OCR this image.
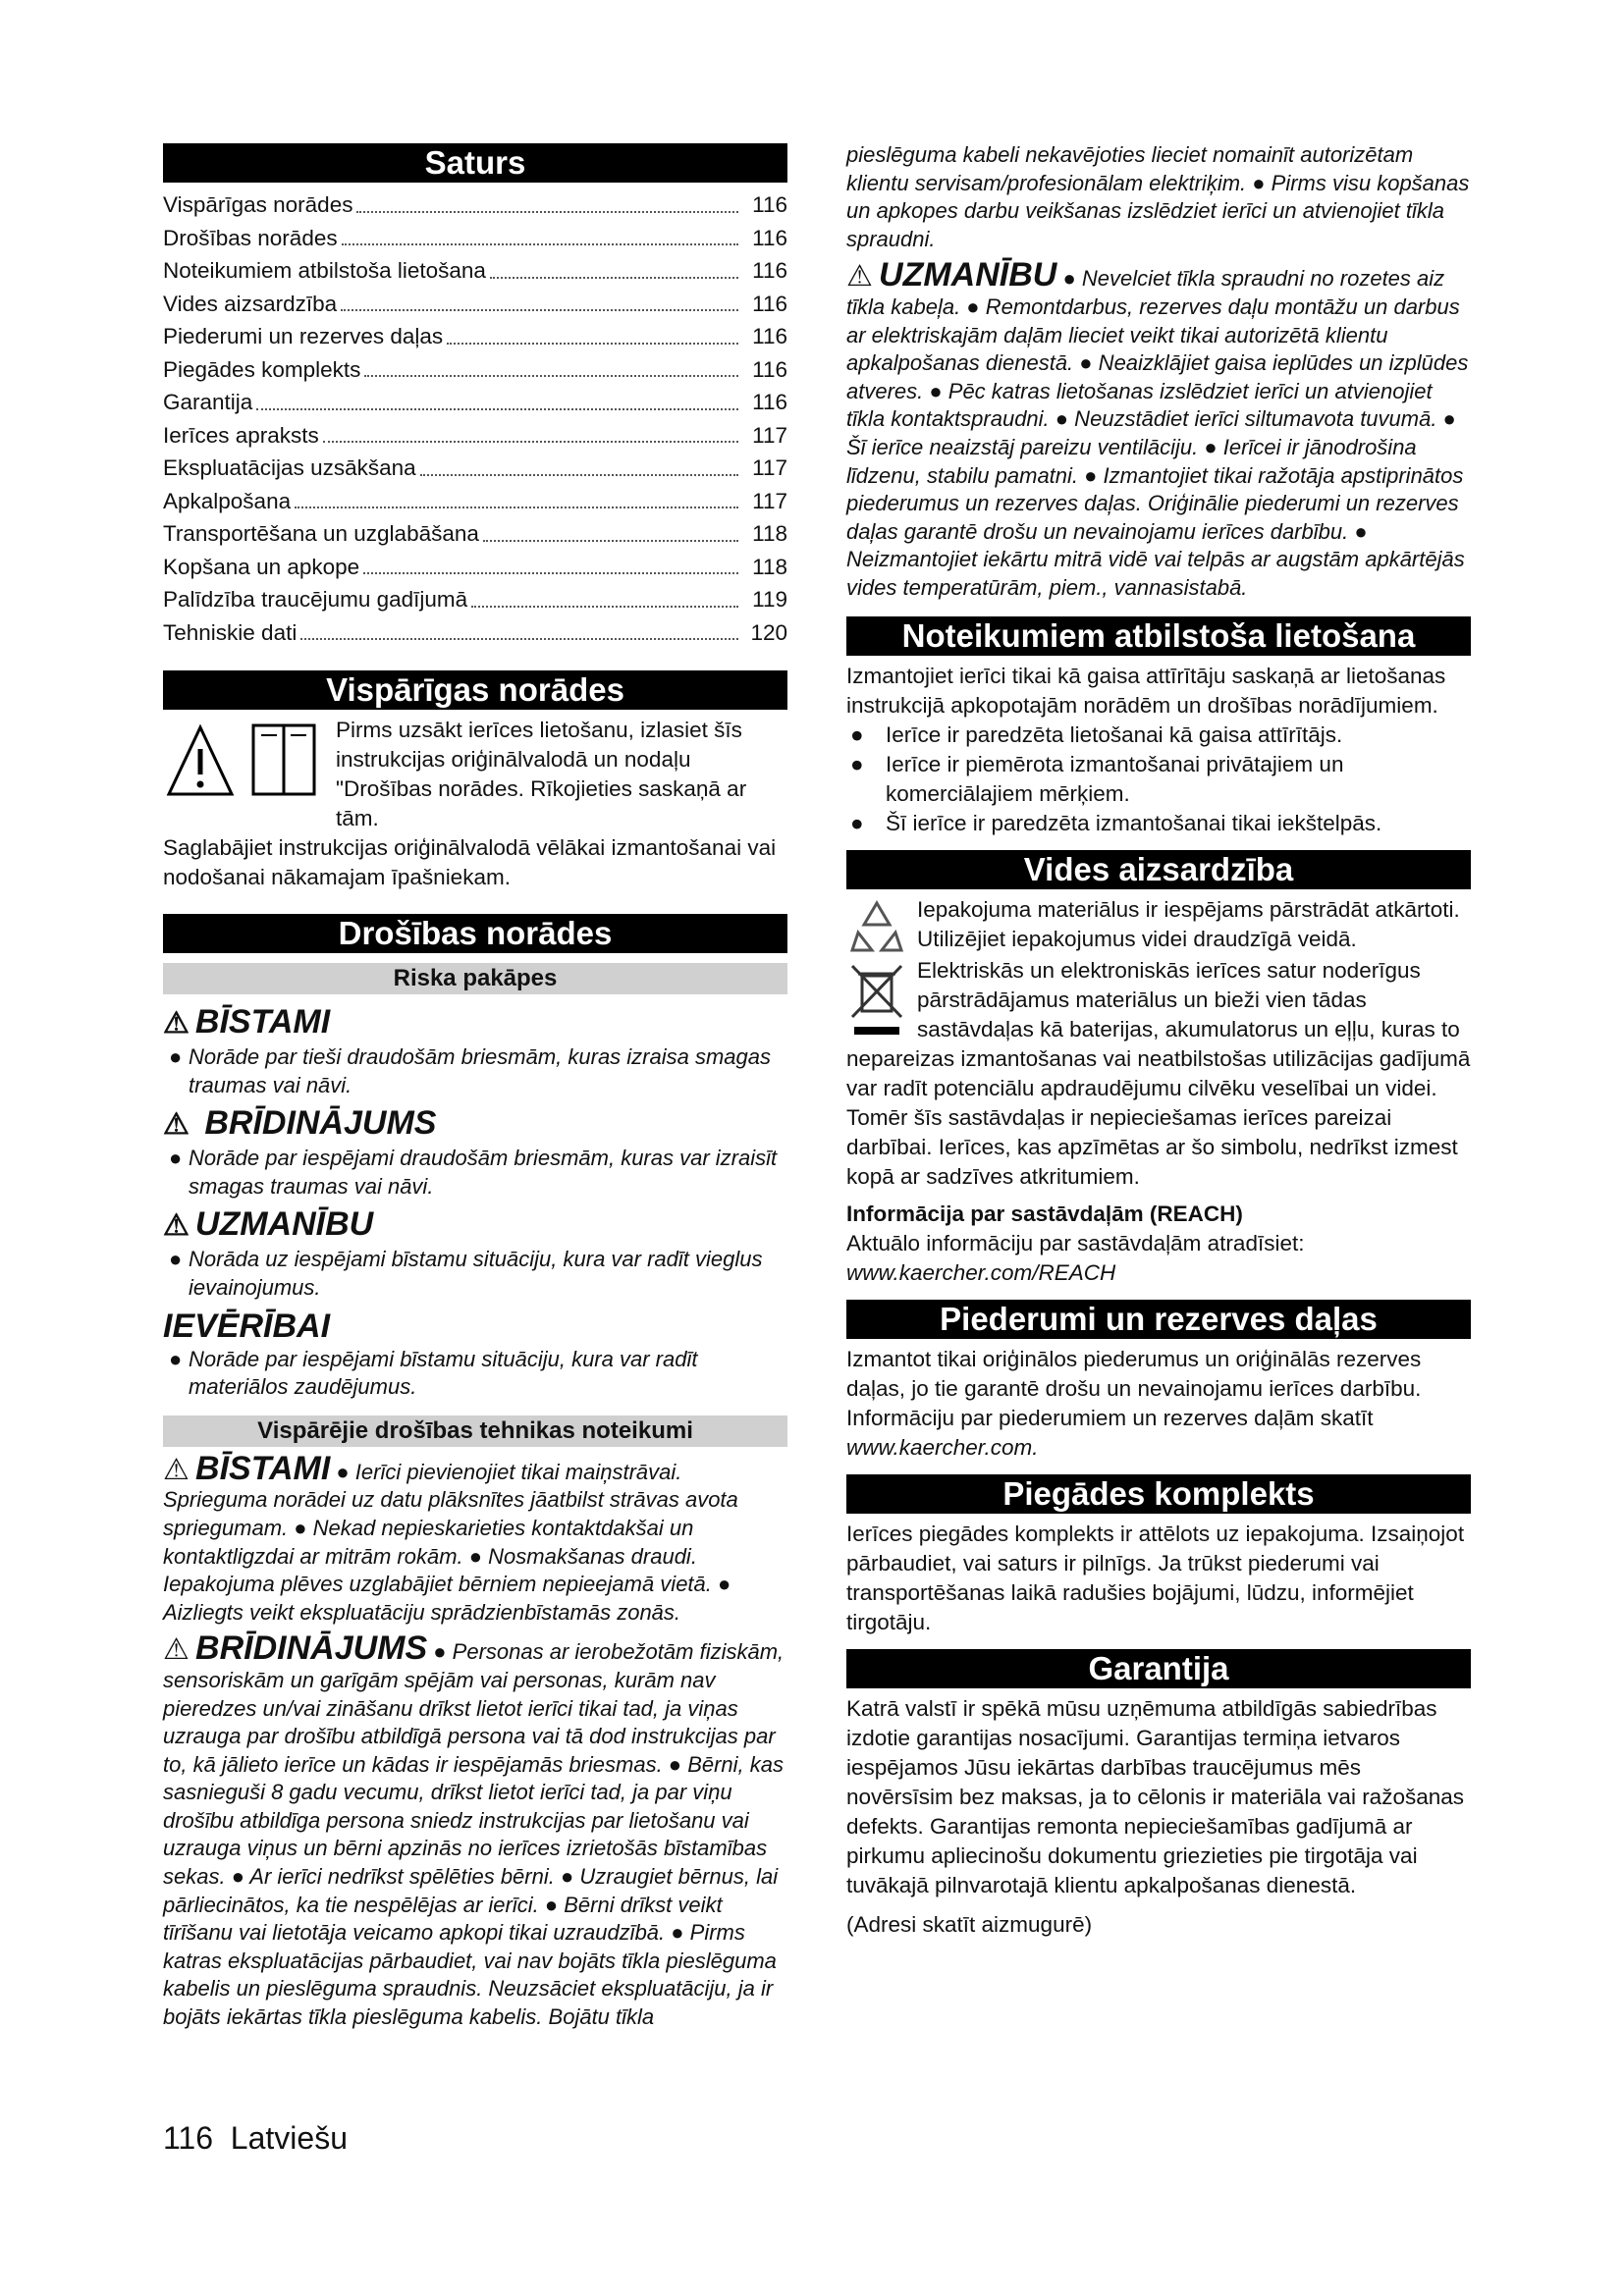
Saturs
Vispārīgas norādes	116
Drošības norādes	116
Noteikumiem atbilstoša lietošana	116
Vides aizsardzība	116
Piederumi un rezerves daļas	116
Piegādes komplekts	116
Garantija	116
Ierīces apraksts	117
Ekspluatācijas uzsākšana	117
Apkalpošana	117
Transportēšana un uzglabāšana	118
Kopšana un apkope	118
Palīdzība traucējumu gadījumā	119
Tehniskie dati	120
Vispārīgas norādes

Pirms uzsākt ierīces lietošanu, izlasiet šīs instrukcijas oriģinālvalodā un nodaļu "Drošības norādes. Rīkojieties saskaņā ar tām.

Saglabājiet instrukcijas oriģinālvalodā vēlākai izmantošanai vai nodošanai nākamajam īpašniekam.

Drošības norādes
Riska pakāpes
⚠ BĪSTAMI
● Norāde par tieši draudošām briesmām, kuras izraisa smagas traumas vai nāvi.
⚠ BRĪDINĀJUMS
● Norāde par iespējami draudošām briesmām, kuras var izraisīt smagas traumas vai nāvi.
⚠ UZMANĪBU
● Norāda uz iespējami bīstamu situāciju, kura var radīt vieglus ievainojumus.
IEVĒRĪBAI
● Norāde par iespējami bīstamu situāciju, kura var radīt materiālos zaudējumus.
Vispārējie drošības tehnikas noteikumi

⚠ BĪSTAMI ● Ierīci pievienojiet tikai maiņstrāvai. Sprieguma norādei uz datu plāksnītes jāatbilst strāvas avota spriegumam. ● Nekad nepieskarieties kontaktdakšai un kontaktligzdai ar mitrām rokām. ● Nosmakšanas draudi. Iepakojuma plēves uzglabājiet bērniem nepieejamā vietā. ● Aizliegts veikt ekspluatāciju sprādzienbīstamās zonās.

⚠ BRĪDINĀJUMS ● Personas ar ierobežotām fiziskām, sensoriskām un garīgām spējām vai personas, kurām nav pieredzes un/vai zināšanu drīkst lietot ierīci tikai tad, ja viņas uzrauga par drošību atbildīgā persona vai tā dod instrukcijas par to, kā jālieto ierīce un kādas ir iespējamās briesmas. ● Bērni, kas sasnieguši 8 gadu vecumu, drīkst lietot ierīci tad, ja par viņu drošību atbildīga persona sniedz instrukcijas par lietošanu vai uzrauga viņus un bērni apzinās no ierīces izrietošās bīstamības sekas. ● Ar ierīci nedrīkst spēlēties bērni. ● Uzraugiet bērnus, lai pārliecinātos, ka tie nespēlējas ar ierīci. ● Bērni drīkst veikt tīrīšanu vai lietotāja veicamo apkopi tikai uzraudzībā. ● Pirms katras ekspluatācijas pārbaudiet, vai nav bojāts tīkla pieslēguma kabelis un pieslēguma spraudnis. Neuzsāciet ekspluatāciju, ja ir bojāts iekārtas tīkla pieslēguma kabelis. Bojātu tīkla

pieslēguma kabeli nekavējoties lieciet nomainīt autorizētam klientu servisam/profesionālam elektriķim. ● Pirms visu kopšanas un apkopes darbu veikšanas izslēdziet ierīci un atvienojiet tīkla spraudni.

⚠ UZMANĪBU ● Nevelciet tīkla spraudni no rozetes aiz tīkla kabeļa. ● Remontdarbus, rezerves daļu montāžu un darbus ar elektriskajām daļām lieciet veikt tikai autorizētā klientu apkalpošanas dienestā. ● Neaizklājiet gaisa ieplūdes un izplūdes atveres. ● Pēc katras lietošanas izslēdziet ierīci un atvienojiet tīkla kontaktspraudni. ● Neuzstādiet ierīci siltumavota tuvumā. ● Šī ierīce neaizstāj pareizu ventilāciju. ● Ierīcei ir jānodrošina līdzenu, stabilu pamatni. ● Izmantojiet tikai ražotāja apstiprinātos piederumus un rezerves daļas. Oriģinālie piederumi un rezerves daļas garantē drošu un nevainojamu ierīces darbību. ● Neizmantojiet iekārtu mitrā vidē vai telpās ar augstām apkārtējās vides temperatūrām, piem., vannasistabā.

Noteikumiem atbilstoša lietošana

Izmantojiet ierīci tikai kā gaisa attīrītāju saskaņā ar lietošanas instrukcijā apkopotajām norādēm un drošības norādījumiem.

● Ierīce ir paredzēta lietošanai kā gaisa attīrītājs.
● Ierīce ir piemērota izmantošanai privātajiem un komerciālajiem mērķiem.
● Šī ierīce ir paredzēta izmantošanai tikai iekštelpās.
Vides aizsardzība

Iepakojuma materiālus ir iespējams pārstrādāt atkārtoti. Utilizējiet iepakojumus videi draudzīgā veidā.

Elektriskās un elektroniskās ierīces satur noderīgus pārstrādājamus materiālus un bieži vien tādas sastāvdaļas kā baterijas, akumulatorus un eļļu, kuras to nepareizas izmantošanas vai neatbilstošas utilizācijas gadījumā var radīt potenciālu apdraudējumu cilvēku veselībai un videi. Tomēr šīs sastāvdaļas ir nepieciešamas ierīces pareizai darbībai. Ierīces, kas apzīmētas ar šo simbolu, nedrīkst izmest kopā ar sadzīves atkritumiem.

Informācija par sastāvdaļām (REACH)

Aktuālo informāciju par sastāvdaļām atradīsiet:

www.kaercher.com/REACH

Piederumi un rezerves daļas

Izmantot tikai oriģinālos piederumus un oriģinālās rezerves daļas, jo tie garantē drošu un nevainojamu ierīces darbību.

Informāciju par piederumiem un rezerves daļām skatīt

www.kaercher.com.

Piegādes komplekts

Ierīces piegādes komplekts ir attēlots uz iepakojuma. Izsaiņojot pārbaudiet, vai saturs ir pilnīgs. Ja trūkst piederumi vai transportēšanas laikā radušies bojājumi, lūdzu, informējiet tirgotāju.

Garantija

Katrā valstī ir spēkā mūsu uzņēmuma atbildīgās sabiedrības izdotie garantijas nosacījumi. Garantijas termiņa ietvaros iespējamos Jūsu iekārtas darbības traucējumus mēs novērsīsim bez maksas, ja to cēlonis ir materiāla vai ražošanas defekts. Garantijas remonta nepieciešamības gadījumā ar pirkumu apliecinošu dokumentu griezieties pie tirgotāja vai tuvākajā pilnvarotajā klientu apkalpošanas dienestā.

(Adresi skatīt aizmugurē)

116 Latviešu
